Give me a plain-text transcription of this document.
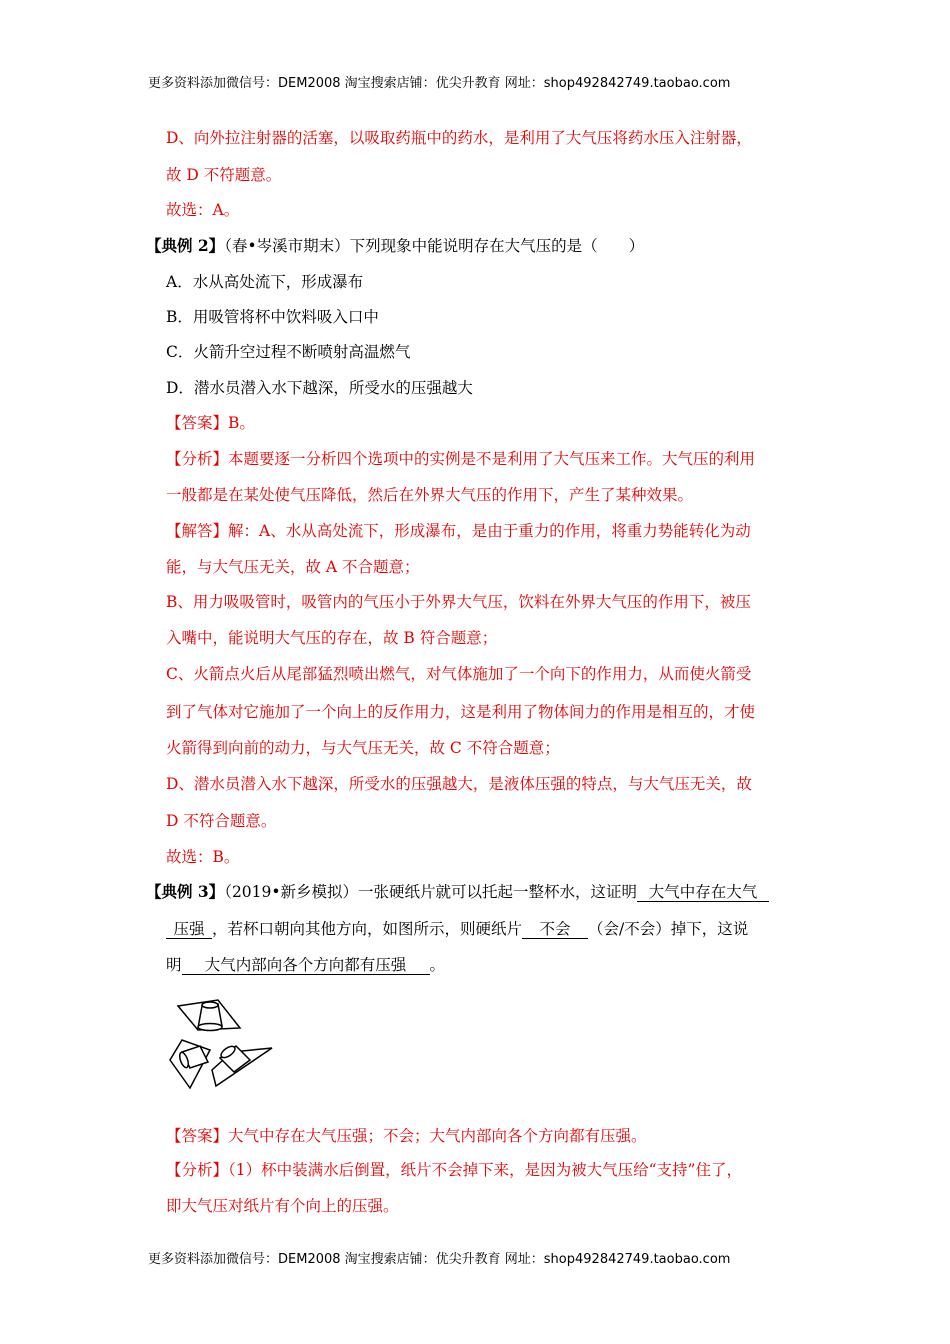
更多资料添加微信号：DEM2008 淘宝搜索店铺：优尖升教育 网址：shop492842749.taobao.com
D、向外拉注射器的活塞，以吸取药瓶中的药水，是利用了大气压将药水压入注射器，
故 D 不符题意。
故选：A。
【典例 2】（春•岑溪市期末）下列现象中能说明存在大气压的是（　　）
A．水从高处流下，形成瀑布
B．用吸管将杯中饮料吸入口中
C．火箭升空过程不断喷射高温燃气
D．潜水员潜入水下越深，所受水的压强越大
【答案】B。
【分析】本题要逐一分析四个选项中的实例是不是利用了大气压来工作。大气压的利用
一般都是在某处使气压降低，然后在外界大气压的作用下，产生了某种效果。
【解答】解：A、水从高处流下，形成瀑布，是由于重力的作用，将重力势能转化为动
能，与大气压无关，故 A 不合题意；
B、用力吸吸管时，吸管内的气压小于外界大气压，饮料在外界大气压的作用下，被压
入嘴中，能说明大气压的存在，故 B 符合题意；
C、火箭点火后从尾部猛烈喷出燃气，对气体施加了一个向下的作用力，从而使火箭受
到了气体对它施加了一个向上的反作用力，这是利用了物体间力的作用是相互的，才使
火箭得到向前的动力，与大气压无关，故 C 不符合题意；
D、潜水员潜入水下越深，所受水的压强越大，是液体压强的特点，与大气压无关，故
D 不符合题意。
故选：B。
【典例 3】（2019•新乡模拟）一张硬纸片就可以托起一整杯水，这证明 大气中存在大气
压强 ，若杯口朝向其他方向，如图所示，则硬纸片 不会 （会/不会）掉下，这说
明 大气内部向各个方向都有压强 。
【答案】大气中存在大气压强；不会；大气内部向各个方向都有压强。
【分析】（1）杯中装满水后倒置，纸片不会掉下来，是因为被大气压给“支持”住了，
即大气压对纸片有个向上的压强。
更多资料添加微信号：DEM2008 淘宝搜索店铺：优尖升教育 网址：shop492842749.taobao.com
